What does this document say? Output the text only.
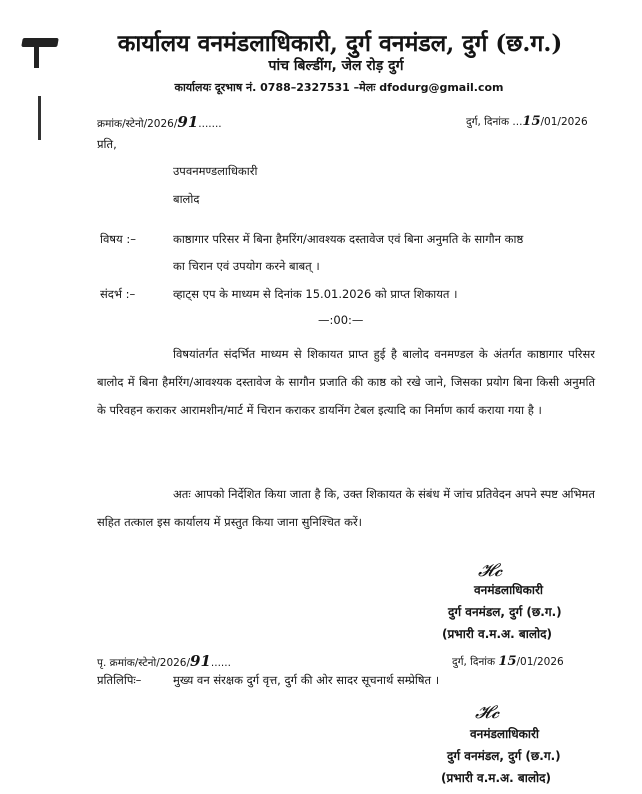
कार्यालय वनमंडलाधिकारी, दुर्ग वनमंडल, दुर्ग (छ.ग.)
पांच बिल्डींग, जेल रोड़ दुर्ग
कार्यालयः दूरभाष नं. 0788–2327531 –मेलः dfodurg@gmail.com
क्रमांक/स्टेनो/2026/91.......	दुर्ग, दिनांक ...15/01/2026
प्रति,
उपवनमण्डलाधिकारी
बालोद
विषय :–	काष्ठागार परिसर में बिना हैमरिंग/आवश्यक दस्तावेज एवं बिना अनुमति के सागौन काष्ठ
का चिरान एवं उपयोग करने बाबत् ।
संदर्भ :–	व्हाट्स एप के माध्यम से दिनांक 15.01.2026 को प्राप्त शिकायत ।
—:00:—
विषयांतर्गत संदर्भित माध्यम से शिकायत प्राप्त हुई है बालोद वनमण्डल के अंतर्गत काष्ठागार परिसर बालोद में बिना हैमरिंग/आवश्यक दस्तावेज के सागौन प्रजाति की काष्ठ को रखे जाने, जिसका प्रयोग बिना किसी अनुमति के परिवहन कराकर आरामशीन/मार्ट में चिरान कराकर डायनिंग टेबल इत्यादि का निर्माण कार्य कराया गया है ।
अतः आपको निर्देशित किया जाता है कि, उक्त शिकायत के संबंध में जांच प्रतिवेदन अपने स्पष्ट अभिमत सहित तत्काल इस कार्यालय में प्रस्तुत किया जाना सुनिश्चित करें।
𝓗𝓬
वनमंडलाधिकारी
दुर्ग वनमंडल, दुर्ग (छ.ग.)
(प्रभारी व.म.अ. बालोद)
पृ. क्रमांक/स्टेनो/2026/91......	दुर्ग, दिनांक 15/01/2026
प्रतिलिपिः–	मुख्य वन संरक्षक दुर्ग वृत्त, दुर्ग की ओर सादर सूचनार्थ सम्प्रेषित ।
𝓗𝓬
वनमंडलाधिकारी
दुर्ग वनमंडल, दुर्ग (छ.ग.)
(प्रभारी व.म.अ. बालोद)
